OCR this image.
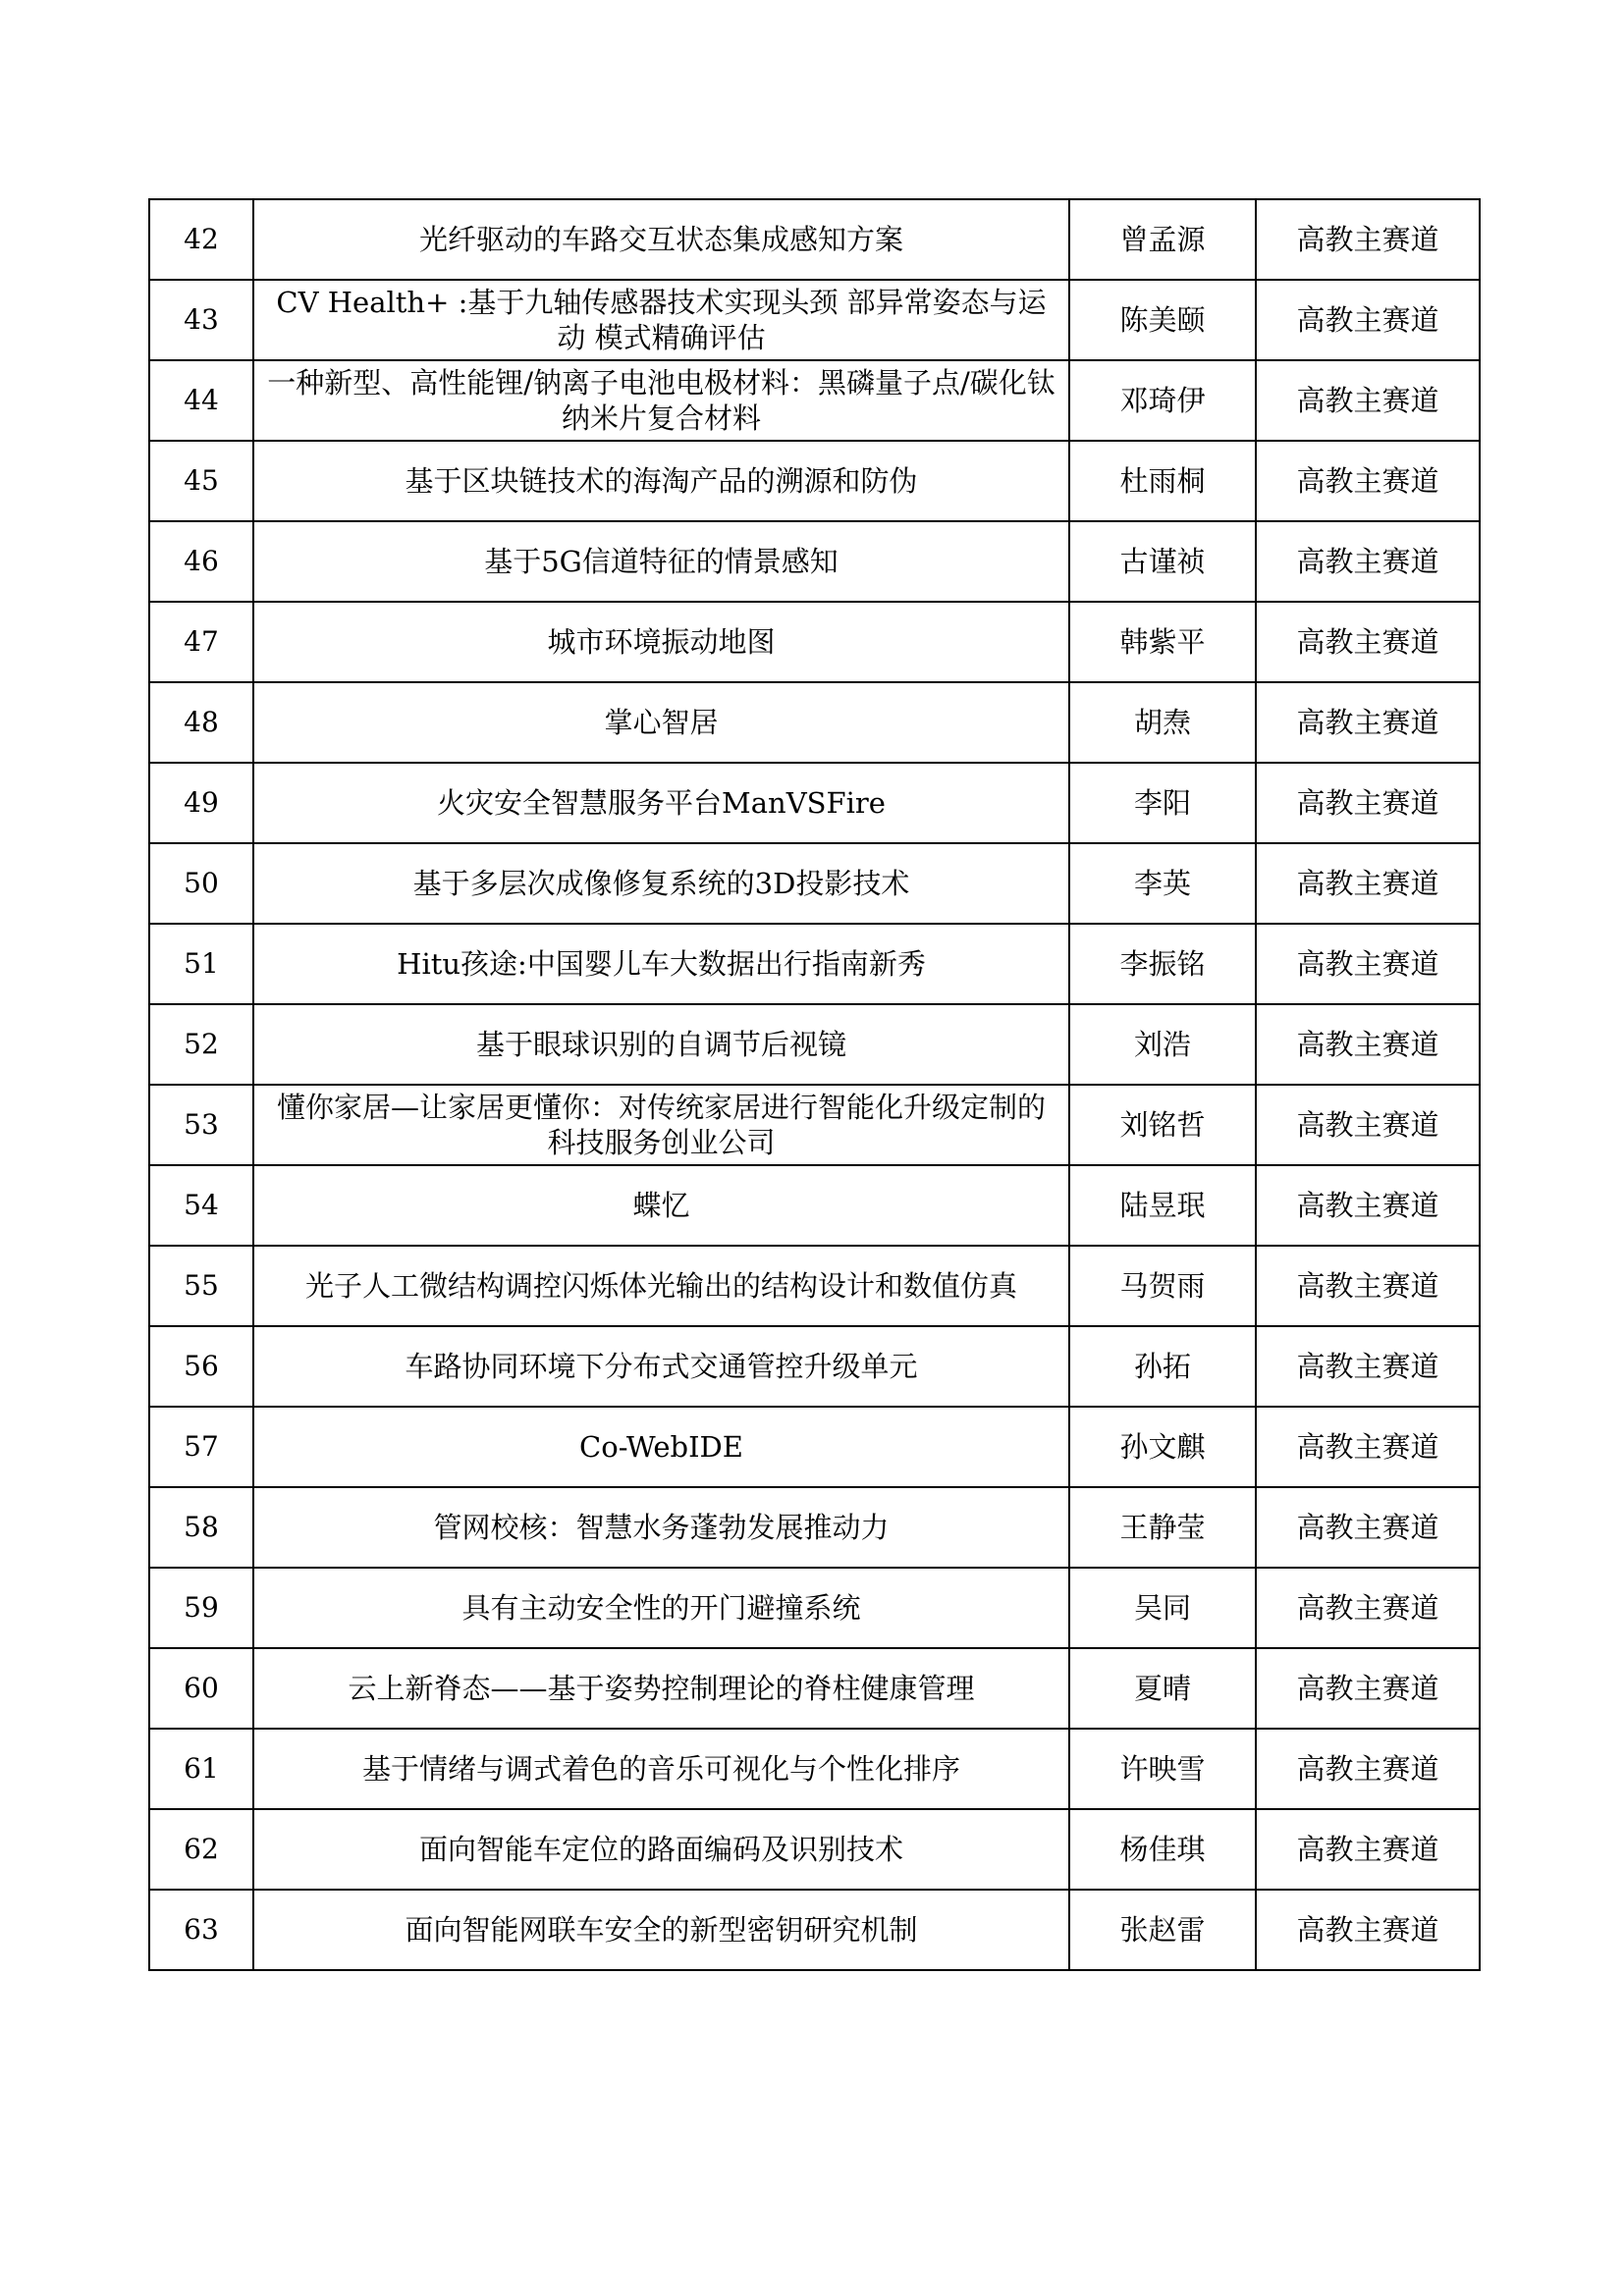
42	光纤驱动的车路交互状态集成感知方案	曾孟源	高教主赛道
43	CV Health+ :基于九轴传感器技术实现头颈 部异常姿态与运动 模式精确评估	陈美颐	高教主赛道
44	一种新型、高性能锂/钠离子电池电极材料：黑磷量子点/碳化钛纳米片复合材料	邓琦伊	高教主赛道
45	基于区块链技术的海淘产品的溯源和防伪	杜雨桐	高教主赛道
46	基于5G信道特征的情景感知	古谨祯	高教主赛道
47	城市环境振动地图	韩紫平	高教主赛道
48	掌心智居	胡焘	高教主赛道
49	火灾安全智慧服务平台ManVSFire	李阳	高教主赛道
50	基于多层次成像修复系统的3D投影技术	李英	高教主赛道
51	Hitu孩途:中国婴儿车大数据出行指南新秀	李振铭	高教主赛道
52	基于眼球识别的自调节后视镜	刘浩	高教主赛道
53	懂你家居—让家居更懂你：对传统家居进行智能化升级定制的科技服务创业公司	刘铭哲	高教主赛道
54	蝶忆	陆昱珉	高教主赛道
55	光子人工微结构调控闪烁体光输出的结构设计和数值仿真	马贺雨	高教主赛道
56	车路协同环境下分布式交通管控升级单元	孙拓	高教主赛道
57	Co-WebIDE	孙文麒	高教主赛道
58	管网校核：智慧水务蓬勃发展推动力	王静莹	高教主赛道
59	具有主动安全性的开门避撞系统	吴同	高教主赛道
60	云上新脊态——基于姿势控制理论的脊柱健康管理	夏晴	高教主赛道
61	基于情绪与调式着色的音乐可视化与个性化排序	许映雪	高教主赛道
62	面向智能车定位的路面编码及识别技术	杨佳琪	高教主赛道
63	面向智能网联车安全的新型密钥研究机制	张赵雷	高教主赛道
